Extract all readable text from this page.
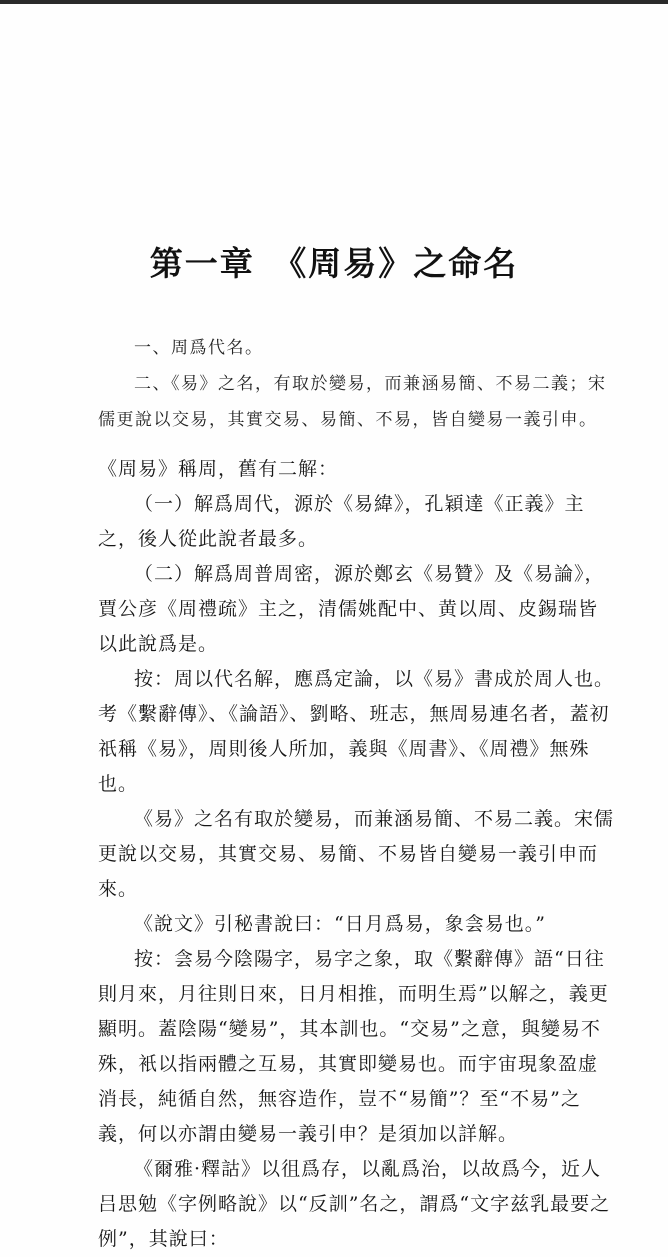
第一章　《周易》之命名

一、周爲代名。

二、《易》之名，有取於變易，而兼涵易簡、不易二義；宋儒更說以交易，其實交易、易簡、不易，皆自變易一義引申。

《周易》稱周，舊有二解：

（一）解爲周代，源於《易緯》，孔穎達《正義》主之，後人從此說者最多。

（二）解爲周普周密，源於鄭玄《易贊》及《易論》，賈公彦《周禮疏》主之，清儒姚配中、黄以周、皮錫瑞皆以此說爲是。

按：周以代名解，應爲定論，以《易》書成於周人也。考《繫辭傳》、《論語》、劉略、班志，無周易連名者，蓋初祇稱《易》，周則後人所加，義與《周書》、《周禮》無殊也。

《易》之名有取於變易，而兼涵易簡、不易二義。宋儒更說以交易，其實交易、易簡、不易皆自變易一義引申而來。

《說文》引秘書說曰：“日月爲易，象侌易也。”

按：侌易今陰陽字，易字之象，取《繫辭傳》語“日往則月來，月往則日來，日月相推，而明生焉”以解之，義更顯明。蓋陰陽“變易”，其本訓也。“交易”之意，與變易不殊，衹以指兩體之互易，其實即變易也。而宇宙現象盈虚消長，純循自然，無容造作，豈不“易簡”？至“不易”之義，何以亦謂由變易一義引申？是須加以詳解。

《爾雅·釋詁》以徂爲存，以亂爲治，以故爲今，近人吕思勉《字例略說》以“反訓”名之，謂爲“文字兹乳最要之例”，其說曰：
